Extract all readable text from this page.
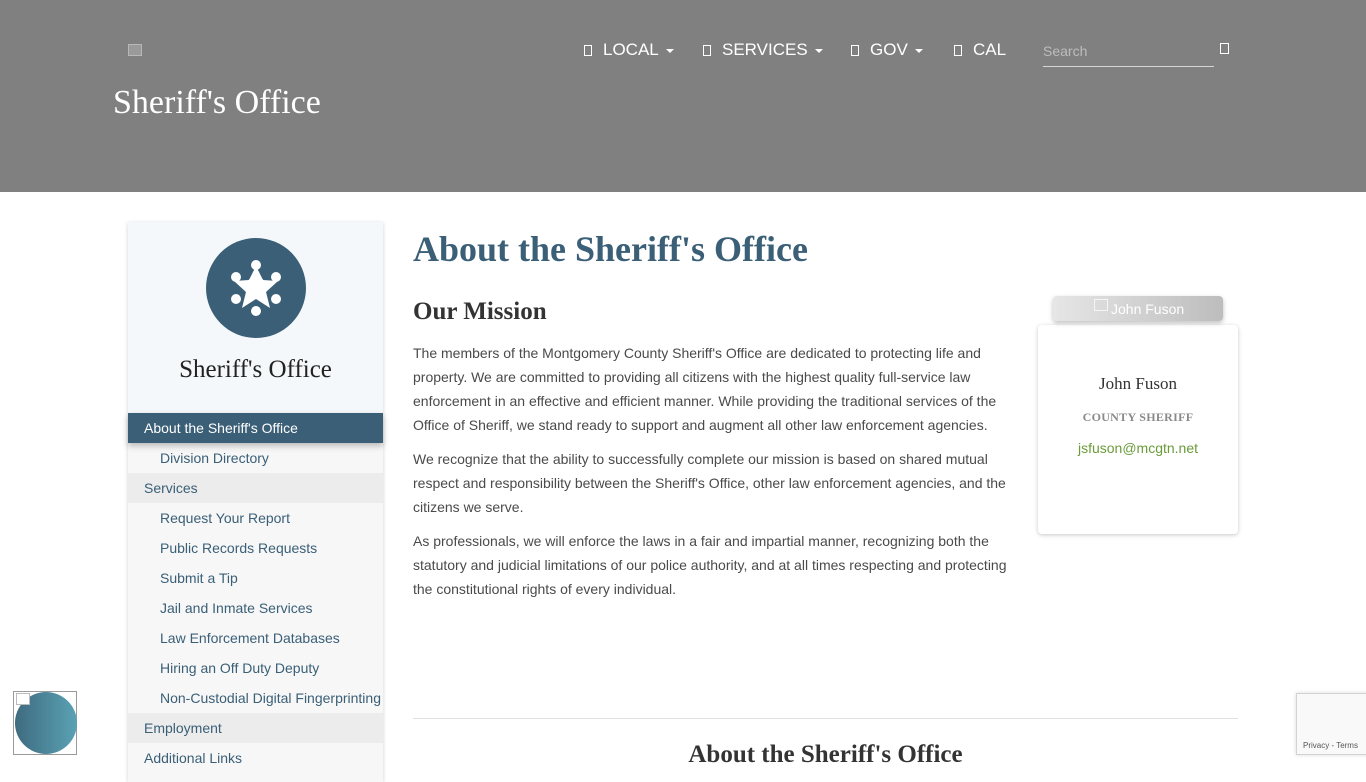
Sheriff's Office
LOCAL	SERVICES	GOV	CAL
Search
Sheriff's Office
About the Sheriff's Office
Division Directory
Services
Request Your Report
Public Records Requests
Submit a Tip
Jail and Inmate Services
Law Enforcement Databases
Hiring an Off Duty Deputy
Non-Custodial Digital Fingerprinting
Employment
Additional Links
About the Sheriff's Office
Our Mission

The members of the Montgomery County Sheriff's Office are dedicated to protecting life and property. We are committed to providing all citizens with the highest quality full-service law enforcement in an effective and efficient manner. While providing the traditional services of the Office of Sheriff, we stand ready to support and augment all other law enforcement agencies.

We recognize that the ability to successfully complete our mission is based on shared mutual respect and responsibility between the Sheriff's Office, other law enforcement agencies, and the citizens we serve.

As professionals, we will enforce the laws in a fair and impartial manner, recognizing both the statutory and judicial limitations of our police authority, and at all times respecting and protecting the constitutional rights of every individual.

John Fuson
John Fuson
COUNTY SHERIFF
jsfuson@mcgtn.net
About the Sheriff's Office	Privacy - Terms
